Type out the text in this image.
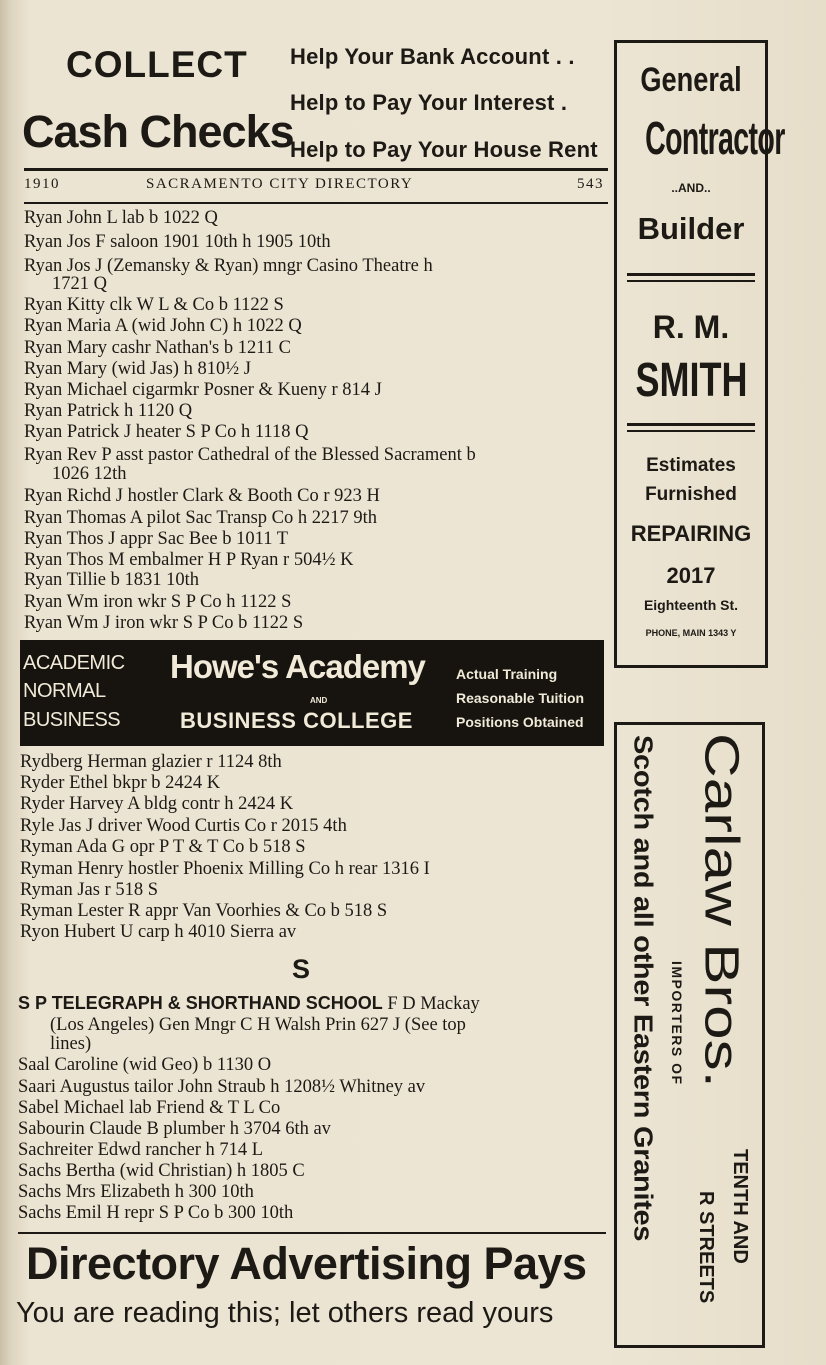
COLLECT
Cash Checks
Help Your Bank Account . .
Help to Pay Your Interest .
Help to Pay Your House Rent
1910	SACRAMENTO CITY DIRECTORY	543
Ryan John L lab b 1022 Q
Ryan Jos F saloon 1901 10th h 1905 10th
Ryan Jos J (Zemansky & Ryan) mngr Casino Theatre h
1721 Q
Ryan Kitty clk W L & Co b 1122 S
Ryan Maria A (wid John C) h 1022 Q
Ryan Mary cashr Nathan's b 1211 C
Ryan Mary (wid Jas) h 810½ J
Ryan Michael cigarmkr Posner & Kueny r 814 J
Ryan Patrick h 1120 Q
Ryan Patrick J heater S P Co h 1118 Q
Ryan Rev P asst pastor Cathedral of the Blessed Sacrament b
1026 12th
Ryan Richd J hostler Clark & Booth Co r 923 H
Ryan Thomas A pilot Sac Transp Co h 2217 9th
Ryan Thos J appr Sac Bee b 1011 T
Ryan Thos M embalmer H P Ryan r 504½ K
Ryan Tillie b 1831 10th
Ryan Wm iron wkr S P Co h 1122 S
Ryan Wm J iron wkr S P Co b 1122 S
ACADEMIC
NORMAL
BUSINESS
Howe's Academy
AND
BUSINESS COLLEGE
Actual Training
Reasonable Tuition
Positions Obtained
Rydberg Herman glazier r 1124 8th
Ryder Ethel bkpr b 2424 K
Ryder Harvey A bldg contr h 2424 K
Ryle Jas J driver Wood Curtis Co r 2015 4th
Ryman Ada G opr P T & T Co b 518 S
Ryman Henry hostler Phoenix Milling Co h rear 1316 I
Ryman Jas r 518 S
Ryman Lester R appr Van Voorhies & Co b 518 S
Ryon Hubert U carp h 4010 Sierra av
S
S P TELEGRAPH & SHORTHAND SCHOOL F D Mackay
(Los Angeles) Gen Mngr C H Walsh Prin 627 J (See top
lines)
Saal Caroline (wid Geo) b 1130 O
Saari Augustus tailor John Straub h 1208½ Whitney av
Sabel Michael lab Friend & T L Co
Sabourin Claude B plumber h 3704 6th av
Sachreiter Edwd rancher h 714 L
Sachs Bertha (wid Christian) h 1805 C
Sachs Mrs Elizabeth h 300 10th
Sachs Emil H repr S P Co b 300 10th
Directory Advertising Pays
You are reading this; let others read yours
General
Contractor
..AND..
Builder
R. M.
SMITH
Estimates
Furnished
REPAIRING
2017
Eighteenth St.
PHONE, MAIN 1343 Y
Carlaw Bros.
IMPORTERS OF
Scotch and all other Eastern Granites	TENTH AND
R STREETS
